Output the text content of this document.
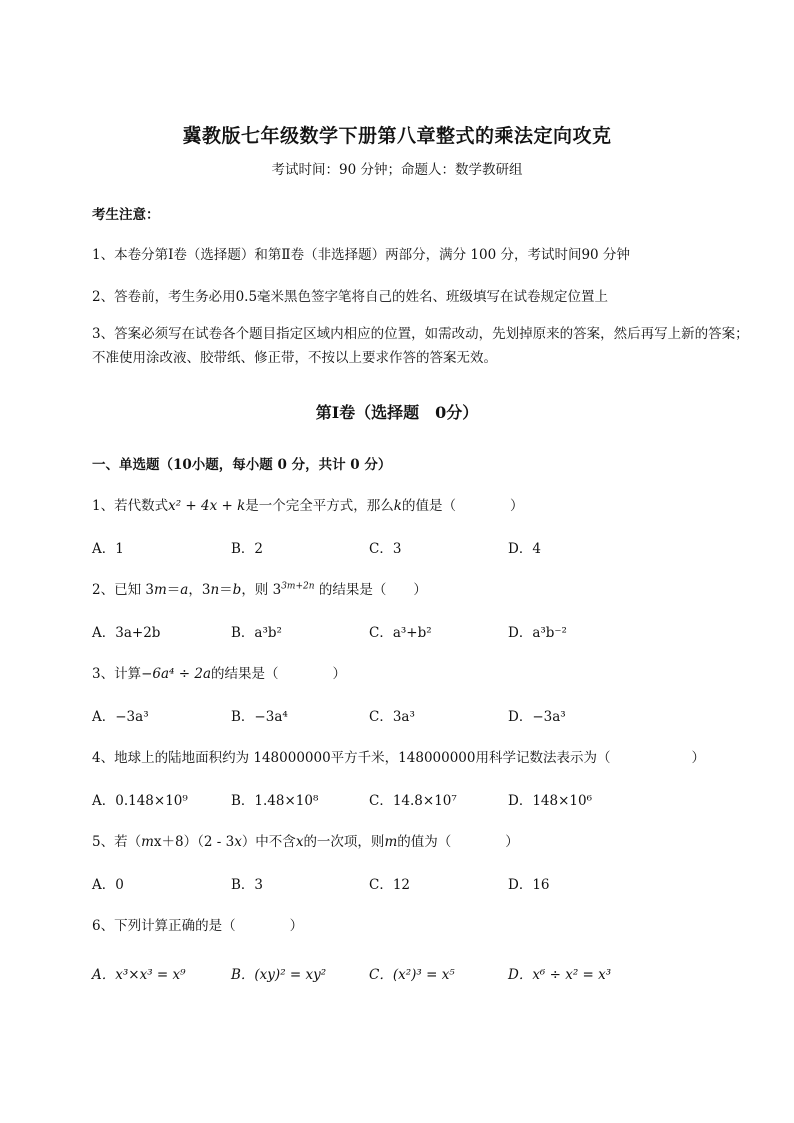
冀教版七年级数学下册第八章整式的乘法定向攻克
考试时间：90 分钟；命题人：数学教研组
考生注意：
1、本卷分第Ⅰ卷（选择题）和第Ⅱ卷（非选择题）两部分，满分 100 分，考试时间90 分钟
2、答卷前，考生务必用0.5毫米黑色签字笔将自己的姓名、班级填写在试卷规定位置上
3、答案必须写在试卷各个题目指定区域内相应的位置，如需改动，先划掉原来的答案，然后再写上新的答案；不准使用涂改液、胶带纸、修正带，不按以上要求作答的答案无效。
第Ⅰ卷（选择题　0分）
一、单选题（10小题，每小题 0 分，共计 0 分）
1、若代数式x² + 4x + k是一个完全平方式，那么k的值是（　　　　）
A．1	B．2	C．3	D．4
2、已知 3m＝a，3n＝b，则 $3^{3m+2n}$ 的结果是（　　）
A．3a+2b	B．a³b²	C．a³+b²	D．a³b⁻²
3、计算−6a⁴ ÷ 2a的结果是（　　　　）
A．−3a³	B．−3a⁴	C．3a³	D．−3a³
4、地球上的陆地面积约为 148000000平方千米，148000000用科学记数法表示为（　　　　　　）
A．0.148×10⁹	B．1.48×10⁸	C．14.8×10⁷	D．148×10⁶
5、若（mx＋8）（2 - 3x）中不含x的一次项，则m的值为（　　　　）
A．0	B．3	C．12	D．16
6、下列计算正确的是（　　　　）
A．x³×x³ = x⁹	B．(xy)² = xy²	C．(x²)³ = x⁵	D．x⁶ ÷ x² = x³
